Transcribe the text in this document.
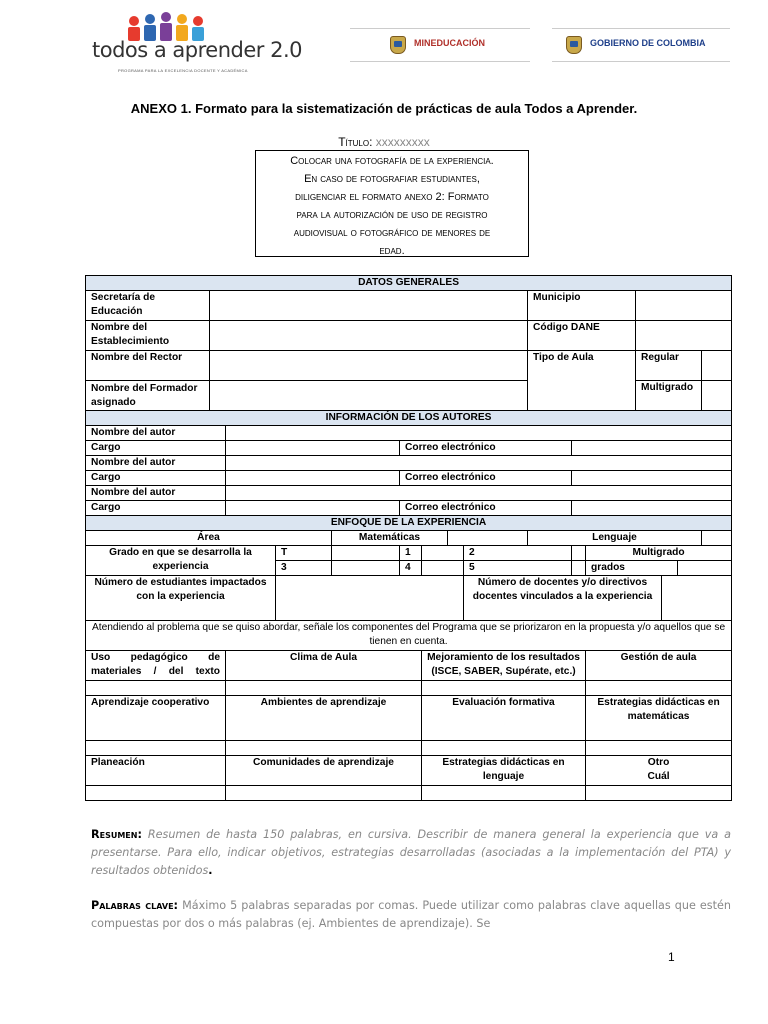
todos a aprender 2.0
PROGRAMA PARA LA EXCELENCIA DOCENTE Y ACADÉMICA
MINEDUCACIÓN	GOBIERNO DE COLOMBIA
ANEXO 1. Formato para la sistematización de prácticas de aula Todos a Aprender.
Título: xxxxxxxxx
Colocar una fotografía de la experiencia.
En caso de fotografiar estudiantes,
diligenciar el formato anexo 2: Formato
para la autorización de uso de registro
audiovisual o fotográfico de menores de
edad.
DATOS GENERALES															
Secretaría de Educación									Municipio						
Nombre del Establecimiento									Código DANE						
Nombre del Rector									Tipo de Aula			Regular			
Nombre del Formador asignado												Multigrado			
INFORMACIÓN DE LOS AUTORES															
Nombre del autor															
Cargo					Correo electrónico										
Nombre del autor															
Cargo					Correo electrónico										
Nombre del autor															
Cargo					Correo electrónico										
ENFOQUE DE LA EXPERIENCIA															
Área				Matemáticas					Lenguaje						
Grado en que se desarrolla la experiencia			T		1			2			Multigrado				
			3		4			5			grados				
Número de estudiantes impactados con la experiencia								Número de docentes y/o directivos docentes vinculados a la experiencia							
Atendiendo al problema que se quiso abordar, señale los componentes del Programa que se priorizaron en la propuesta y/o aquellos que se tienen en cuenta.															
Uso pedagógico de materiales / del texto		Clima de Aula				Mejoramiento de los resultados (ISCE, SABER, Supérate, etc.)					Gestión de aula				

Aprendizaje cooperativo		Ambientes de aprendizaje				Evaluación formativa					Estrategias didácticas en matemáticas				

Planeación		Comunidades de aprendizaje				Estrategias didácticas en lenguaje					Otro
Cuál				

Resumen: Resumen de hasta 150 palabras, en cursiva. Describir de manera general la experiencia que va a presentarse. Para ello, indicar objetivos, estrategias desarrolladas (asociadas a la implementación del PTA) y resultados obtenidos.
Palabras clave: Máximo 5 palabras separadas por comas. Puede utilizar como palabras clave aquellas que estén compuestas por dos o más palabras (ej. Ambientes de aprendizaje). Se
1
